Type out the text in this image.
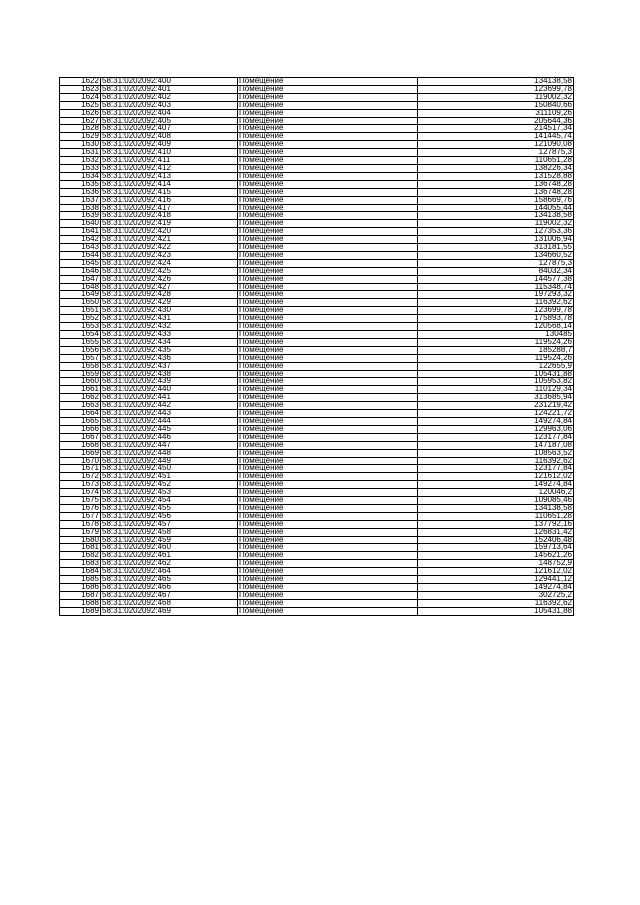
1622	58:31:0202092:400	Помещение	134138,58
1623	58:31:0202092:401	Помещение	123699,78
1624	58:31:0202092:402	Помещение	119002,32
1625	58:31:0202092:403	Помещение	150840,66
1626	58:31:0202092:404	Помещение	311109,26
1627	58:31:0202092:405	Помещение	205644,36
1628	58:31:0202092:407	Помещение	214517,34
1629	58:31:0202092:408	Помещение	141445,74
1630	58:31:0202092:409	Помещение	121090,08
1631	58:31:0202092:410	Помещение	127875,3
1632	58:31:0202092:411	Помещение	110651,28
1633	58:31:0202092:412	Помещение	138226,34
1634	58:31:0202092:413	Помещение	131528,88
1635	58:31:0202092:414	Помещение	136748,28
1636	58:31:0202092:415	Помещение	136748,28
1637	58:31:0202092:416	Помещение	158669,76
1638	58:31:0202092:417	Помещение	144055,44
1639	58:31:0202092:418	Помещение	134138,58
1640	58:31:0202092:419	Помещение	119002,32
1641	58:31:0202092:420	Помещение	127353,36
1642	58:31:0202092:421	Помещение	131006,94
1643	58:31:0202092:422	Помещение	313181,55
1644	58:31:0202092:423	Помещение	134660,52
1645	58:31:0202092:424	Помещение	127875,3
1646	58:31:0202092:425	Помещение	84032,34
1647	58:31:0202092:426	Помещение	144577,38
1648	58:31:0202092:427	Помещение	115348,74
1649	58:31:0202092:428	Помещение	197293,32
1650	58:31:0202092:429	Помещение	116392,62
1651	58:31:0202092:430	Помещение	123699,78
1652	58:31:0202092:431	Помещение	175893,78
1653	58:31:0202092:432	Помещение	120568,14
1654	58:31:0202092:433	Помещение	130485
1655	58:31:0202092:434	Помещение	119524,26
1656	58:31:0202092:435	Помещение	185288,7
1657	58:31:0202092:436	Помещение	119524,26
1658	58:31:0202092:437	Помещение	122655,9
1659	58:31:0202092:438	Помещение	105431,88
1660	58:31:0202092:439	Помещение	105953,82
1661	58:31:0202092:440	Помещение	110129,34
1662	58:31:0202092:441	Помещение	313685,94
1663	58:31:0202092:442	Помещение	231219,42
1664	58:31:0202092:443	Помещение	124221,72
1665	58:31:0202092:444	Помещение	149274,84
1666	58:31:0202092:445	Помещение	129963,06
1667	58:31:0202092:446	Помещение	123177,84
1668	58:31:0202092:447	Помещение	147187,08
1669	58:31:0202092:448	Помещение	108563,52
1670	58:31:0202092:449	Помещение	116392,62
1671	58:31:0202092:450	Помещение	123177,84
1672	58:31:0202092:451	Помещение	121612,02
1673	58:31:0202092:452	Помещение	149274,84
1674	58:31:0202092:453	Помещение	120046,2
1675	58:31:0202092:454	Помещение	109085,46
1676	58:31:0202092:455	Помещение	134138,58
1677	58:31:0202092:456	Помещение	110651,28
1678	58:31:0202092:457	Помещение	137792,16
1679	58:31:0202092:458	Помещение	126831,42
1680	58:31:0202092:459	Помещение	152406,48
1681	58:31:0202092:460	Помещение	159713,64
1682	58:31:0202092:461	Помещение	145621,26
1683	58:31:0202092:462	Помещение	148752,9
1684	58:31:0202092:464	Помещение	121612,02
1685	58:31:0202092:465	Помещение	129441,12
1686	58:31:0202092:466	Помещение	149274,84
1687	58:31:0202092:467	Помещение	302725,2
1688	58:31:0202092:468	Помещение	116392,62
1689	58:31:0202092:469	Помещение	105431,88
